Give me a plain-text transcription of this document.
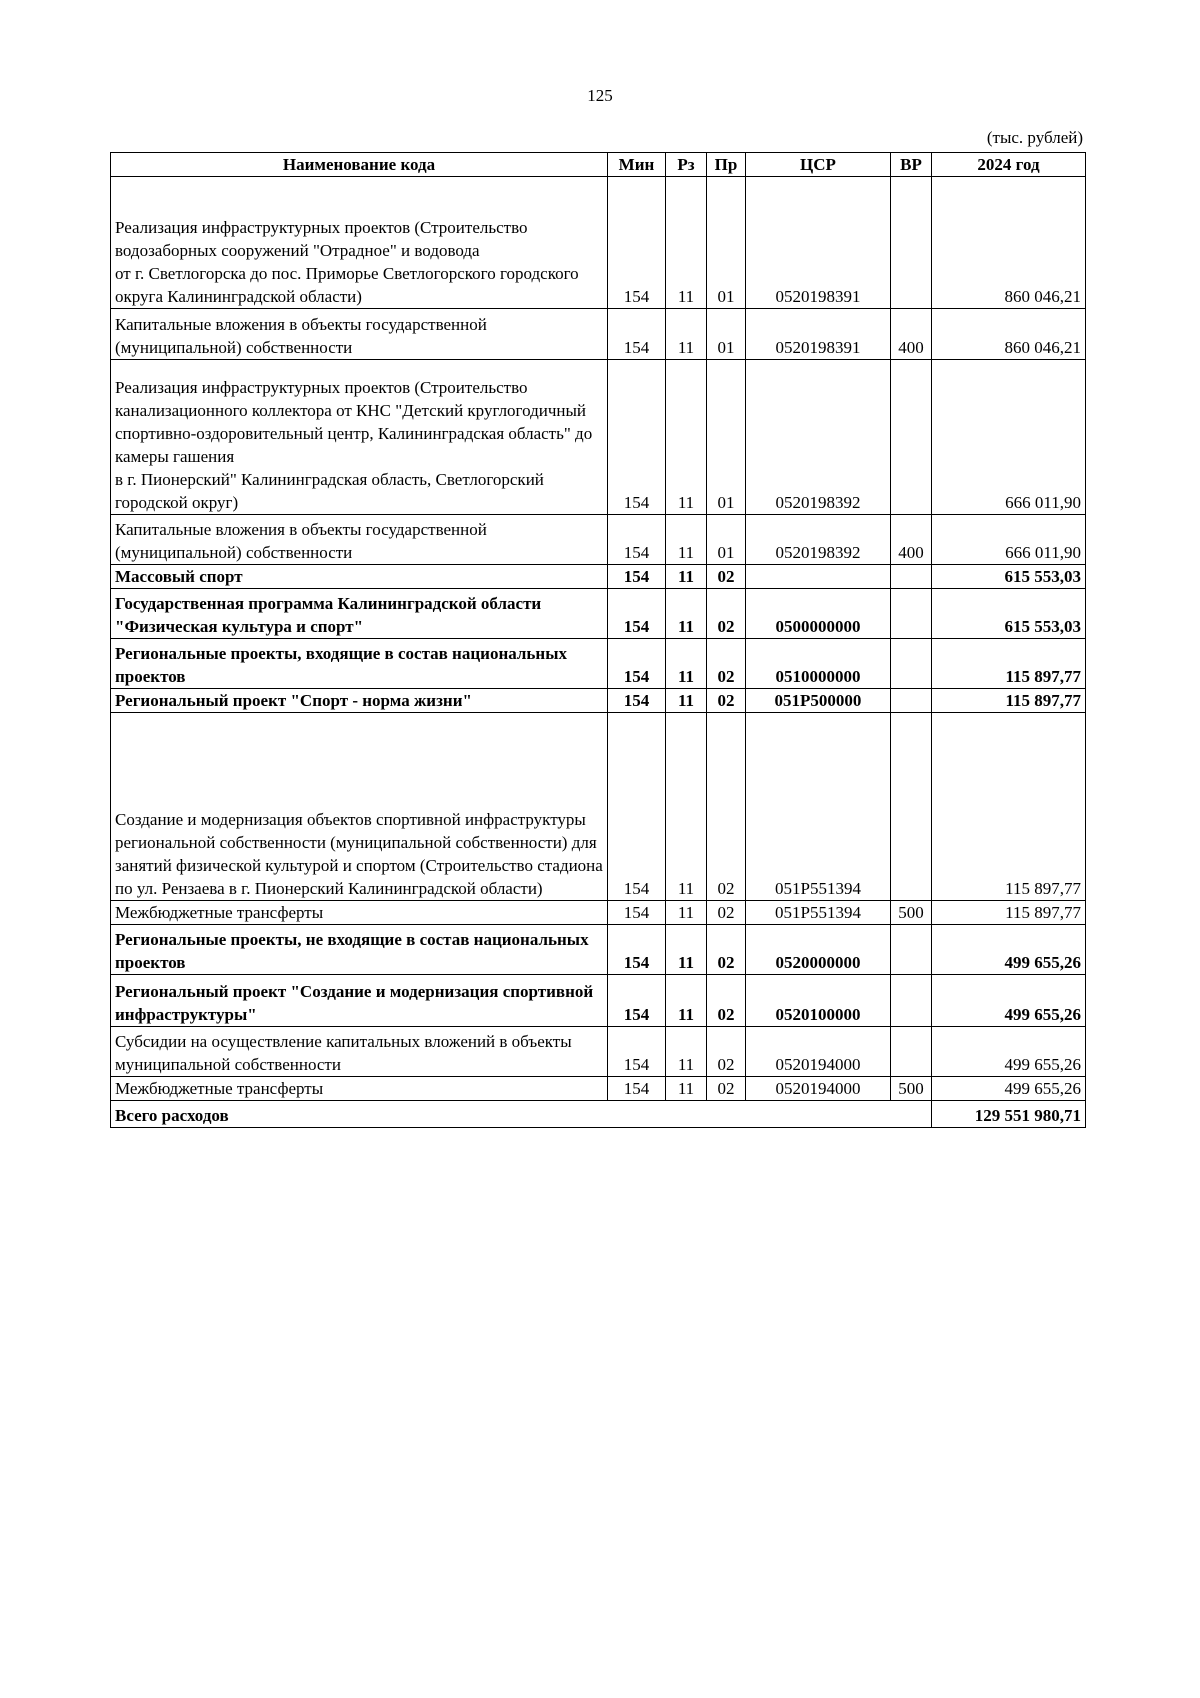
125
(тыс. рублей)
Наименование кода	Мин	Рз	Пр	ЦСР	ВР	2024 год
Реализация инфраструктурных проектов (Строительство водозаборных сооружений "Отрадное" и водовода
от г. Светлогорска до пос. Приморье Светлогорского городского округа Калининградской области)	154	11	01	0520198391		860 046,21
Капитальные вложения в объекты государственной (муниципальной) собственности	154	11	01	0520198391	400	860 046,21
Реализация инфраструктурных проектов (Строительство канализационного коллектора от КНС "Детский круглогодичный спортивно-оздоровительный центр, Калининградская область" до камеры гашения
в г. Пионерский" Калининградская область, Светлогорский городской округ)	154	11	01	0520198392		666 011,90
Капитальные вложения в объекты государственной (муниципальной) собственности	154	11	01	0520198392	400	666 011,90
Массовый спорт	154	11	02			615 553,03
Государственная программа Калининградской области "Физическая культура и спорт"	154	11	02	0500000000		615 553,03
Региональные проекты, входящие в состав национальных проектов	154	11	02	0510000000		115 897,77
Региональный проект "Спорт - норма жизни"	154	11	02	051P500000		115 897,77
Создание и модернизация объектов спортивной инфраструктуры региональной собственности (муниципальной собственности) для занятий физической культурой и спортом (Строительство стадиона
по ул. Рензаева в г. Пионерский Калининградской области)	154	11	02	051P551394		115 897,77
Межбюджетные трансферты	154	11	02	051P551394	500	115 897,77
Региональные проекты, не входящие в состав национальных проектов	154	11	02	0520000000		499 655,26
Региональный проект "Создание и модернизация спортивной инфраструктуры"	154	11	02	0520100000		499 655,26
Субсидии на осуществление капитальных вложений в объекты муниципальной собственности	154	11	02	0520194000		499 655,26
Межбюджетные трансферты	154	11	02	0520194000	500	499 655,26
Всего расходов						129 551 980,71
